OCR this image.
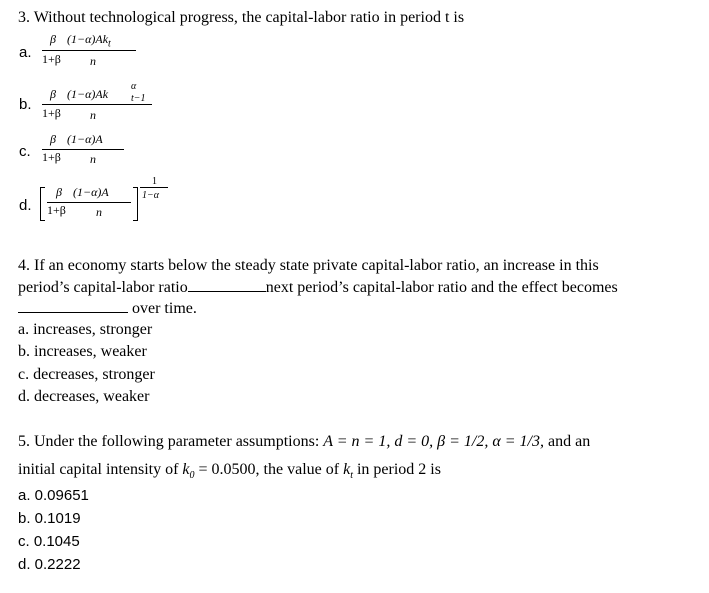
3. Without technological progress, the capital-labor ratio in period t is
a.
β $(1-\alpha)Ak_t$
1+β n
b.
β (1−α)Ak
α
t−1
1+β n
c.
β (1−α)A
1+β n
d.
β (1−α)A
1+β	n
1
1−α
4. If an economy starts below the steady state private capital-labor ratio, an increase in this
period’s capital-labor ratio	next period’s capital-labor ratio and the effect becomes
over time.
a. increases, stronger
b. increases, weaker
c. decreases, stronger
d. decreases, weaker
5. Under the following parameter assumptions: A = n = 1, d = 0, β = 1/2, α = 1/3, and an
initial capital intensity of $k_0 = 0.0500$, the value of $k_t$ in period 2 is
a. 0.09651
b. 0.1019
c. 0.1045
d. 0.2222
